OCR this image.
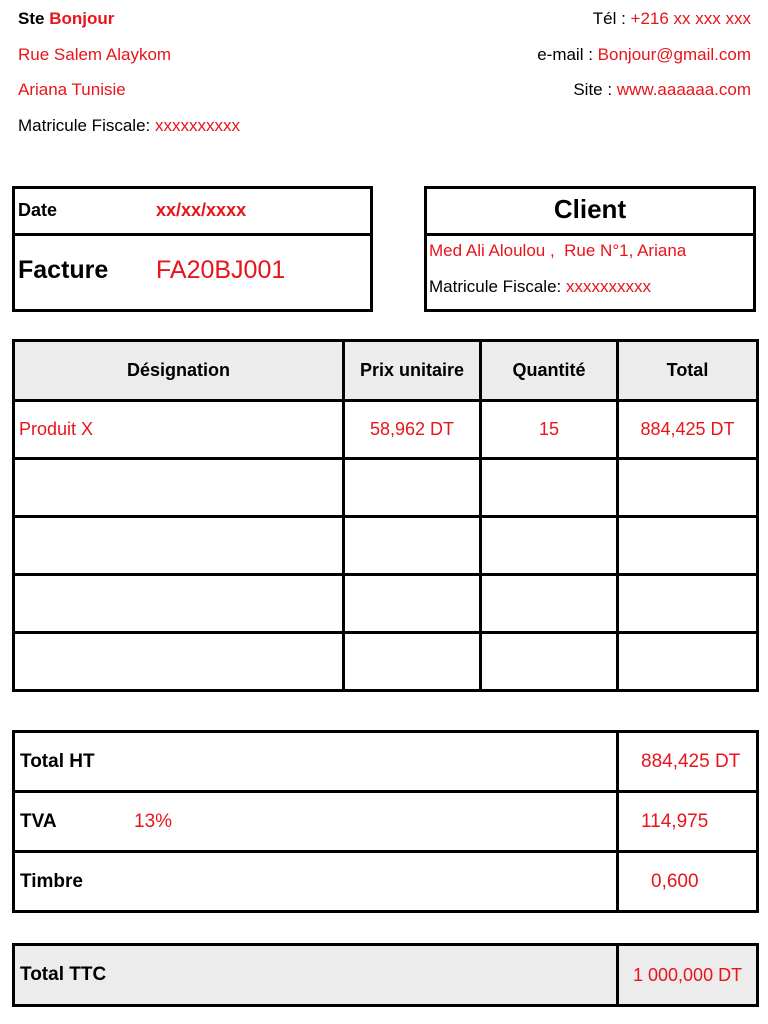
Ste Bonjour
Rue Salem Alaykom
Ariana Tunisie
Matricule Fiscale: xxxxxxxxxx
Tél : +216 xx xxx xxx
e-mail : Bonjour@gmail.com
Site : www.aaaaaa.com
Date	xx/xx/xxxx
Facture FA20BJ001
Client
Med Ali Aloulou ,  Rue N°1, Ariana
Matricule Fiscale: xxxxxxxxxx
Désignation	Prix unitaire	Quantité	Total
Produit X	58,962 DT	15	884,425 DT

Total HT	884,425 DT
TVA 13%	114,975
Timbre	0,600
Total TTC	1 000,000 DT
